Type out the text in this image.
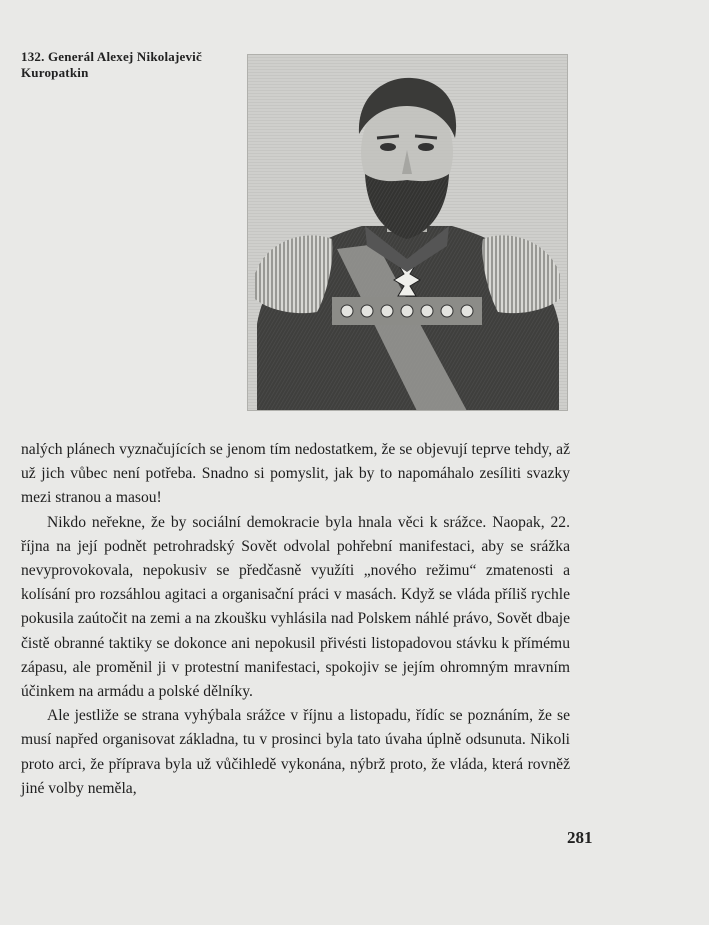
132. Generál Alexej Nikolajevič
Kuropatkin

nalých plánech vyznačujících se jenom tím nedostatkem, že se objevují teprve tehdy, až už jich vůbec není potřeba. Snadno si pomyslit, jak by to napomáhalo zesíliti svazky mezi stranou a masou!

Nikdo neřekne, že by sociální demokracie byla hnala věci k srážce. Naopak, 22. října na její podnět petrohradský Sovět odvolal pohřební manifestaci, aby se srážka nevyprovokovala, nepokusiv se předčasně využíti „nového režimu“ zmatenosti a kolísání pro rozsáhlou agitaci a organisační práci v masách. Když se vláda příliš rychle pokusila zaútočit na zemi a na zkoušku vyhlásila nad Polskem náhlé právo, Sovět dbaje čistě obranné taktiky se dokonce ani nepokusil přivésti listopadovou stávku k přímému zápasu, ale proměnil ji v protestní manifestaci, spokojiv se jejím ohromným mravním účinkem na armádu a polské dělníky.

Ale jestliže se strana vyhýbala srážce v říjnu a listopadu, řídíc se poznáním, že se musí napřed organisovat základna, tu v prosinci byla tato úvaha úplně odsunuta. Nikoli proto arci, že příprava byla už vůčihledě vykonána, nýbrž proto, že vláda, která rovněž jiné volby neměla,

281
